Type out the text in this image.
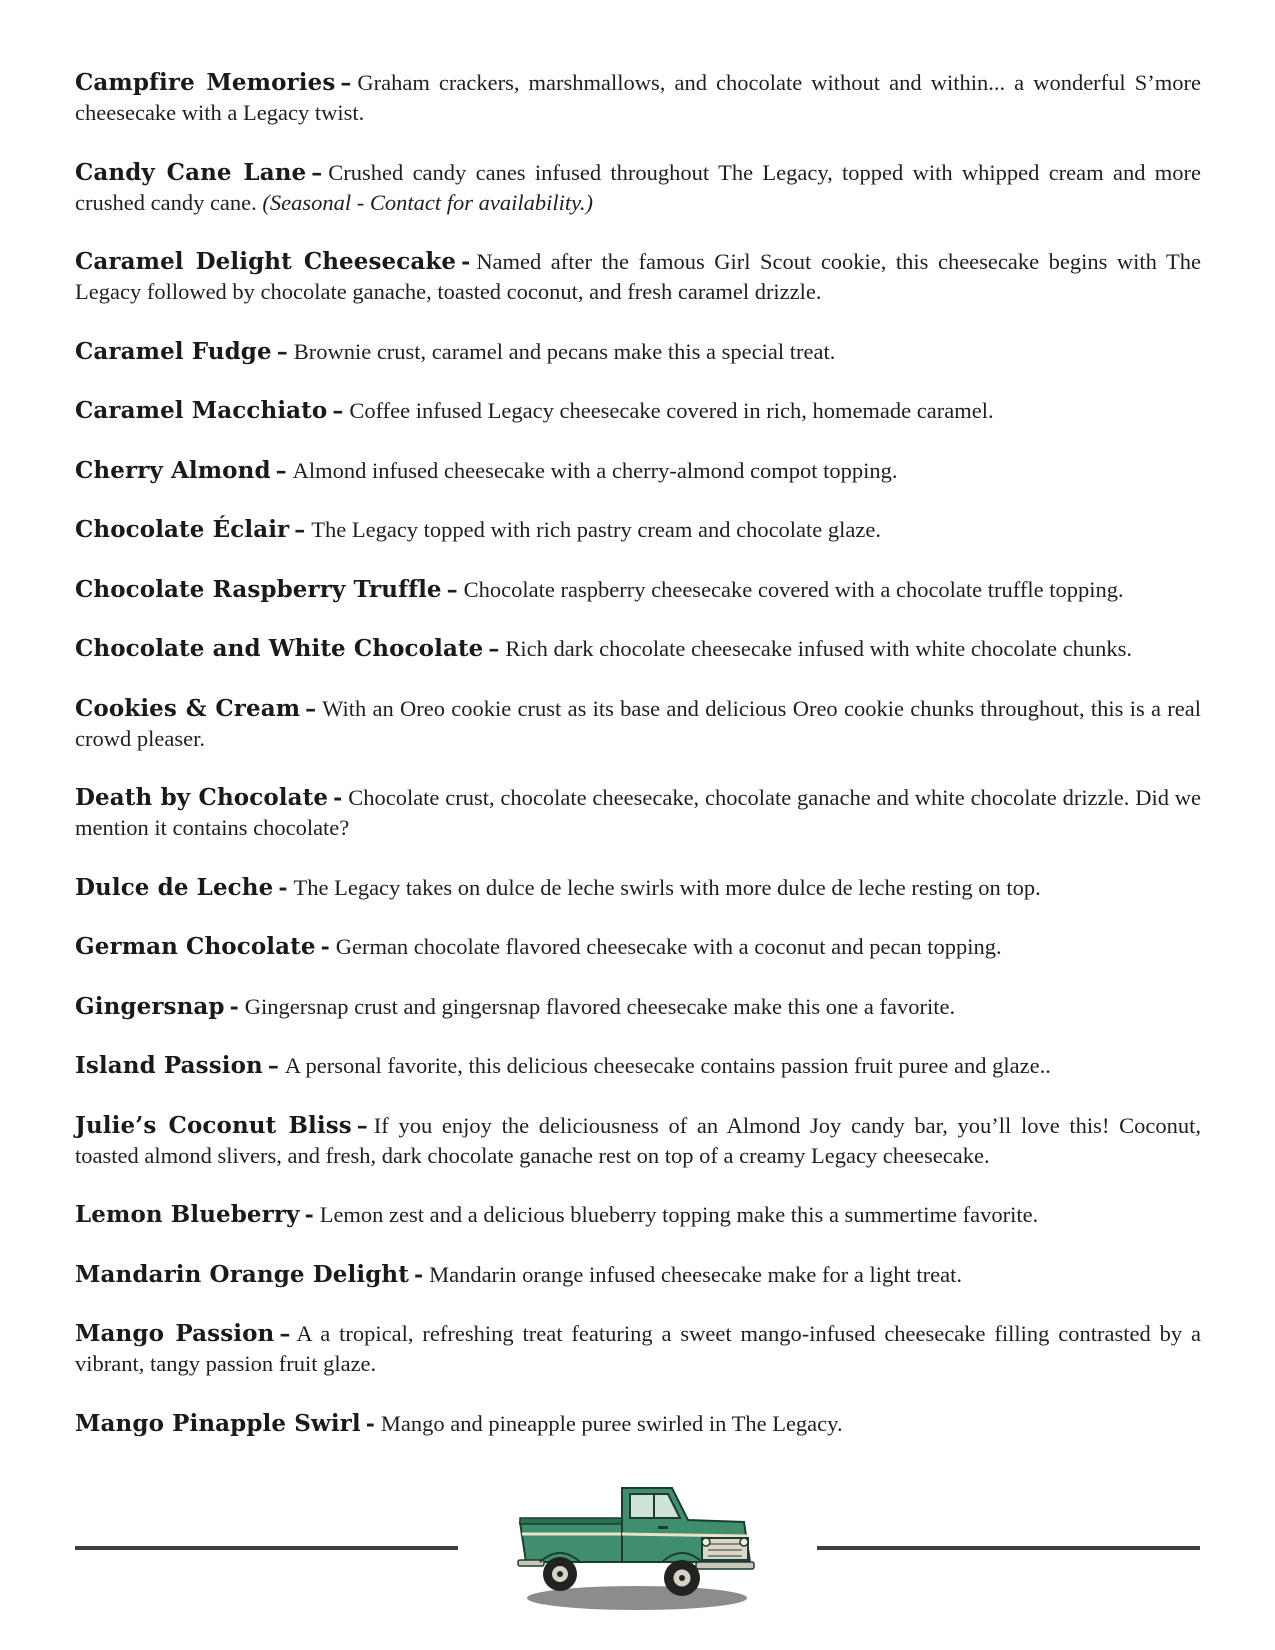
Campfire Memories – Graham crackers, marshmallows, and chocolate without and within... a wonderful S’more cheesecake with a Legacy twist.
Candy Cane Lane – Crushed candy canes infused throughout The Legacy, topped with whipped cream and more crushed candy cane. (Seasonal - Contact for availability.)
Caramel Delight Cheesecake - Named after the famous Girl Scout cookie, this cheesecake begins with The Legacy followed by chocolate ganache, toasted coconut, and fresh caramel drizzle.
Caramel Fudge – Brownie crust, caramel and pecans make this a special treat.
Caramel Macchiato – Coffee infused Legacy cheesecake covered in rich, homemade caramel.
Cherry Almond – Almond infused cheesecake with a cherry-almond compot topping.
Chocolate Éclair – The Legacy topped with rich pastry cream and chocolate glaze.
Chocolate Raspberry Truffle – Chocolate raspberry cheesecake covered with a chocolate truffle topping.
Chocolate and White Chocolate – Rich dark chocolate cheesecake infused with white chocolate chunks.
Cookies & Cream – With an Oreo cookie crust as its base and delicious Oreo cookie chunks throughout, this is a real crowd pleaser.
Death by Chocolate - Chocolate crust, chocolate cheesecake, chocolate ganache and white chocolate drizzle. Did we mention it contains chocolate?
Dulce de Leche - The Legacy takes on dulce de leche swirls with more dulce de leche resting on top.
German Chocolate - German chocolate flavored cheesecake with a coconut and pecan topping.
Gingersnap - Gingersnap crust and gingersnap flavored cheesecake make this one a favorite.
Island Passion – A personal favorite, this delicious cheesecake contains passion fruit puree and glaze..
Julie’s Coconut Bliss – If you enjoy the deliciousness of an Almond Joy candy bar, you’ll love this! Coconut, toasted almond slivers, and fresh, dark chocolate ganache rest on top of a creamy Legacy cheesecake.
Lemon Blueberry - Lemon zest and a delicious blueberry topping make this a summertime favorite.
Mandarin Orange Delight - Mandarin orange infused cheesecake make for a light treat.
Mango Passion – A a tropical, refreshing treat featuring a sweet mango-infused cheesecake filling contrasted by a vibrant, tangy passion fruit glaze.
Mango Pinapple Swirl - Mango and pineapple puree swirled in The Legacy.
